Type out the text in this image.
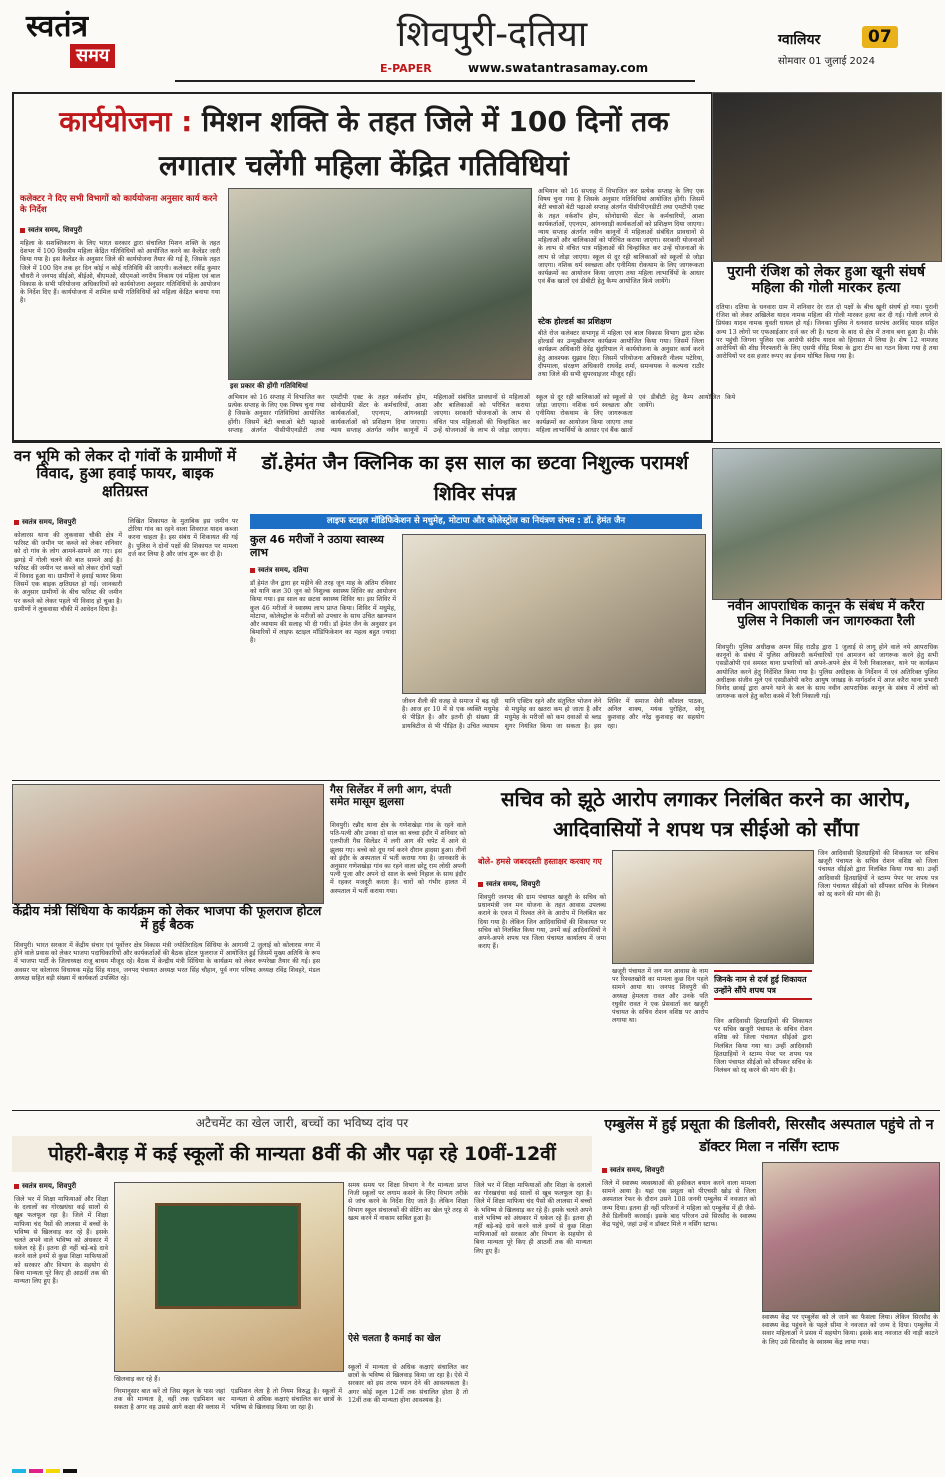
स्वतंत्र
समय
शिवपुरी-दतिया
E-PAPER	www.swatantrasamay.com
ग्वालियर	07
सोमवार 01 जुलाई 2024
कार्ययोजना : मिशन शक्ति के तहत जिले में 100 दिनों तक लगातार चलेंगी महिला केंद्रित गतिविधियां
कलेक्टर ने दिए सभी विभागों को कार्ययोजना अनुसार कार्य करने के निर्देश
स्वतंत्र समय, शिवपुरी
महिला के सशक्तिकरण के लिए भारत सरकार द्वारा संचालित मिशन शक्ति के तहत देशभर में 100 दिवसीय महिला केंद्रित गतिविधियों को आयोजित करने का कैलेंडर जारी किया गया है। इस कैलेंडर के अनुसार जिले की कार्ययोजना तैयार की गई है, जिसके तहत जिले में 100 दिन तक हर दिन कोई न कोई गतिविधि की जाएगी। कलेक्टर रवींद्र कुमार चौधरी ने जनपद सीईओ, बीईओ, बीएमओ, सीएमओ नगरीय निकाय एवं महिला एवं बाल विकास के सभी परियोजना अधिकारियों को कार्ययोजना अनुसार गतिविधियों के आयोजन के निर्देश दिए हैं। कार्ययोजना में शामिल सभी गतिविधियों को महिला केंद्रित बनाया गया है।
इस प्रकार की होंगी गतिविधियां
अभियान को 16 सप्ताह में विभाजित कर प्रत्येक सप्ताह के लिए एक विषय चुना गया है जिसके अनुसार गतिविधियां आयोजित होंगी। जिसमें बेटी बचाओ बेटी पढ़ाओ सप्ताह अंतर्गत पीसीपीएनडीटी तथा एमटीपी एक्ट के तहत वर्कशॉप होम, सोनोग्राफी सेंटर के कर्मचारियों, आशा कार्यकर्ताओं, एएनएम, आंगनवाड़ी कार्यकर्ताओं को प्रशिक्षण दिया जाएगा। न्याय सप्ताह अंतर्गत नवीन कानूनों में महिलाओं संबंधित प्रावधानों से महिलाओं और बालिकाओं को परिचित कराया जाएगा। सरकारी योजनाओं के लाभ से वंचित पात्र महिलाओं की चिन्हांकित कर उन्हें योजनाओं के लाभ से जोड़ा जाएगा। स्कूल से दूर रही बालिकाओं को स्कूलों से जोड़ा जाएगा। नशिक धर्म स्वच्छता और एनीमिया रोकथाम के लिए जागरूकता कार्यक्रमों का आयोजन किया जाएगा तथा महिला लाभार्थियों के आधार एवं बैंक खातों एवं डीबीटी हेतु कैम्प आयोजित किये जायेंगे।
अभियान को 16 सप्ताह में विभाजित कर प्रत्येक सप्ताह के लिए एक विषय चुना गया है जिसके अनुसार गतिविधियां आयोजित होंगी। जिसमें बेटी बचाओ बेटी पढ़ाओ सप्ताह अंतर्गत पीसीपीएनडीटी तथा एमटीपी एक्ट के तहत वर्कशॉप होम, सोनोग्राफी सेंटर के कर्मचारियों, आशा कार्यकर्ताओं, एएनएम, आंगनवाड़ी कार्यकर्ताओं को प्रशिक्षण दिया जाएगा। न्याय सप्ताह अंतर्गत नवीन कानूनों में महिलाओं संबंधित प्रावधानों से महिलाओं और बालिकाओं को परिचित कराया जाएगा। सरकारी योजनाओं के लाभ से वंचित पात्र महिलाओं की चिन्हांकित कर उन्हें योजनाओं के लाभ से जोड़ा जाएगा। स्कूल से दूर रही बालिकाओं को स्कूलों से जोड़ा जाएगा। नशिक धर्म स्वच्छता और एनीमिया रोकथाम के लिए जागरूकता कार्यक्रमों का आयोजन किया जाएगा तथा महिला लाभार्थियों के आधार एवं बैंक खातों एवं डीबीटी हेतु कैम्प आयोजित किये जायेंगे।
स्टेक होल्डर्स का प्रशिक्षण
बीते रोज कलेक्टर सभागृह में महिला एवं बाल विकास विभाग द्वारा स्टेक होल्डर्स का उन्मुखीकरण कार्यक्रम आयोजित किया गया। जिसमें जिला कार्यक्रम अधिकारी देवेंद्र सुंदरियाल ने कार्ययोजना के अनुसार कार्य करने हेतु आवश्यक सुझाव दिए। जिसमें परियोजना अधिकारी नीलम पटेरिया, दीपमाला, संरक्षण अधिकारी राघवेंद्र शर्मा, समन्वयक ने कल्पना राठौर तथा जिले की सभी सुपरवाइजर मौजूद रहीं।
पुरानी रंजिश को लेकर हुआ खूनी संघर्ष महिला की गोली मारकर हत्या
दतिया। दतिया के धनवारा ग्राम में शनिवार देर रात दो पक्षों के बीच खूनी संघर्ष हो गया। पुरानी रंजिश को लेकर अखिलेश यादव नामक महिला की गोली मारकर हत्या कर दी गई। गोली लगने से प्रियंका यादव नामक युवती घायल हो गई। जिनका पुलिस ने धनवारा सरपंच अरविंद यादव सहित अन्य 13 लोगों पर एफआईआर दर्ज कर ली है। घटना के बाद से क्षेत्र में तनाव बना हुआ है। मौके पर पहुंची जिगना पुलिस एक आरोपी संदीप यादव को हिरासत में लिया है। शेष 12 नामजद आरोपियों की शीघ्र गिरफ्तारी के लिए एसपी वीरेंद्र मिश्रा के द्वारा टीम का गठन किया गया है तथा आरोपियों पर दस हजार रूपए का ईनाम घोषित किया गया है।
वन भूमि को लेकर दो गांवों के ग्रामीणों में विवाद, हुआ हवाई फायर, बाइक क्षतिग्रस्त
स्वतंत्र समय, शिवपुरी
कोलारस थाना की लुकवासा चौकी क्षेत्र में फरिस्ट की जमीन पर कब्जे को लेकर शनिवार को दो गांव के लोग आमने-सामने आ गए। इस झगड़े में गोली चलने की बात सामने आई है। फरिस्ट की जमीन पर कब्जे को लेकर दोनों पक्षों में विवाद हुआ था। ग्रामीणों ने हवाई फायर किया जिसमें एक बाइक क्षतिग्रस्त हो गई। जानकारी के अनुसार ग्रामीणों के बीच फरिस्ट की जमीन पर कब्जे को लेकर पहले भी विवाद हो चुका है। ग्रामीणों ने लुकवासा चौकी में आवेदन दिया है।
लिखित शिकायत के मुताबिक इस जमीन पर टोरिया गांव का रहने वाला शिवराज यादव कब्जा करना चाहता है। इस संबंध में शिकायत की गई है। पुलिस ने दोनों पक्षों की शिकायत पर मामला दर्ज कर लिया है और जांच शुरू कर दी है।
डॉ.हेमंत जैन क्लिनिक का इस साल का छटवा निशुल्क परामर्श शिविर संपन्न
लाइफ स्टाइल मॉडिफिकेशन से मधुमेह, मोटापा और कोलेस्ट्रोल का नियंत्रण संभव : डॉ. हेमंत जैन
कुल 46 मरीजों ने उठाया स्वास्थ्य लाभ
स्वतंत्र समय, दतिया
डॉ हेमंत जैन द्वारा हर महीने की तरह जून माह के अंतिम रविवार को यानि कल 30 जून को निशुल्क स्वास्थ्य शिविर का आयोजन किया गया। इस साल का छटवा स्वास्थ्य शिविर था। इस शिविर में कुल 46 मरीजों ने स्वास्थ्य लाभ प्राप्त किया। शिविर में मधुमेह, मोटापा, कोलेस्ट्रोल के मरीजों को उपचार के साथ उचित खानपान और व्यायाम की सलाह भी दी गयी। डॉ हेमंत जैन के अनुसार इन बिमारियों में लाइफ स्टाइल मॉडिफिकेशन का महत्व बहुत ज्यादा है।
जीवन शैली की वजह से समाज में बढ़ रही है। आज हर 10 में से एक व्यक्ति मधुमेह से पीड़ित है। और इतनी ही संख्या प्री डायबिटीज से भी पीड़ित है। उचित व्यायाम यानि एक्टिव रहने और संतुलित भोजन लेने से मधुमेह का खतरा कम हो जाता है और मधुमेह के मरीजों को कम दवाओं से ब्लड शुगर नियंत्रित किया जा सकता है। इस शिविर में समाज सेवी कौशल पाठक, अनिल शाक्य, मयंक पुरोहित, सोनू कुशवाह और नरेंद्र कुशवाह का सहयोग रहा।
नवीन आपराधिक कानून के संबंध में करैरा पुलिस ने निकाली जन जागरुकता रैली
शिवपुरी। पुलिस अधीक्षक अमन सिंह राठौड़ द्वारा 1 जुलाई से लागू होने वाले नये आपराधिक कानूनों के संबंध में पुलिस अधिकारी कर्मचारियों एवं आमजन को जागरूक करने हेतु सभी एसडीओपी एवं समस्त थाना प्रभारियों को अपने-अपने क्षेत्र में रैली निकालकर, थाने पर कार्यक्रम आयोजित करने हेतु निर्देशित किया गया है। पुलिस अधीक्षक के निर्देशन में एवं अतिरिक्त पुलिस अधीक्षक संजीव मुले एवं एसडीओपी करैरा आयुष जाखड़ के मार्गदर्शन में आज करैरा थाना प्रभारी विनोद छावई द्वारा अपने थाने के बल के साथ नवीन आपराधिक कानून के संबंध में लोगों को जागरूक करने हेतु करैरा कस्बे में रैली निकाली गई।
केंद्रीय मंत्री सिंधिया के कार्यक्रम को लेकर भाजपा की फूलराज होटल में हुई बैठक
शिवपुरी। भारत सरकार में केंद्रीय संचार एवं पूर्वोत्तर क्षेत्र विकास मंत्री ज्योतिरादित्य सिंधिया के आगामी 2 जुलाई को कोलारस नगर में होने वाले प्रवास को लेकर भाजपा पदाधिकारियों और कार्यकर्ताओं की बैठक होटल फूलराज में आयोजित हुई जिसमें मुख्य अतिथि के रूप में भाजपा पार्टी के जिलाध्यक्ष राजू बाथम मौजूद रहे। बैठक में केन्द्रीय मंत्री सिंधिया के कार्यक्रम को लेकर रूपरेखा तैयार की गई। इस अवसर पर कोलारस विधायक महेंद्र सिंह यादव, जनपद पंचायत अध्यक्ष भरत सिंह चौहान, पूर्व नगर परिषद अध्यक्ष रविंद्र शिवहरे, मंडल अध्यक्ष सहित बड़ी संख्या में कार्यकर्ता उपस्थित रहे।
गैस सिलेंडर में लगी आग, दंपती समेत मासूम झुलसा
शिवपुरी। रन्नौद थाना क्षेत्र के गणेशखेड़ा गांव के रहने वाले पति-पत्नी और उनका दो साल का बच्चा इंदौर में शनिवार को एलपीजी गैस सिलेंडर में लगी आग की चपेट में आने से झुलस गए। बच्चे को दूध गर्म करने दौरान हादसा हुआ। तीनों को इंदौर के अस्पताल में भर्ती कराया गया है। जानकारी के अनुसार गणेशखेड़ा गांव का रहने वाला छोटू राम लोधी अपनी पत्नी पूजा और अपने दो साल के बच्चे निहाल के साथ इंदौर में रहकर मजदूरी करता है। चारों को गंभीर हालत में अस्पताल में भर्ती कराया गया।
सचिव को झूठे आरोप लगाकर निलंबित करने का आरोप, आदिवासियों ने शपथ पत्र सीईओ को सौंपा
बोले- हमसे जबरदस्ती हस्ताक्षर करवाए गए
स्वतंत्र समय, शिवपुरी
शिवपुरी जनपद की ग्राम पंचायत खजूरी के सचिव को प्रधानमंत्री जन मन योजना के तहत आवास उपलब्ध कराने के एवज में रिश्वत लेने के आरोप में निलंबित कर दिया गया है। लेकिन जिन आदिवासियों की शिकायत पर सचिव को निलंबित किया गया, उनमें कई आदिवासियों ने अपने-अपने शपथ पत्र जिला पंचायत कार्यालय में जमा कराए हैं।
खजूरी पंचायत में जन मन आवास के नाम पर रिश्वतखोरी का मामला कुछ दिन पहले सामने आया था। जनपद शिवपुरी की अध्यक्ष हेमलता रावत और उनके पति रघुवीर रावत ने एक प्रेसवार्ता कर खजूरी पंचायत के सचिव रोशन वशिष्ठ पर आरोप लगाया था।
जिनके नाम से दर्ज हुई शिकायत उन्होंने सौंपे शपथ पत्र
जिन आदिवासी हितग्राहियों की शिकायत पर सचिव खजूरी पंचायत के सचिव रोशन वशिष्ठ को जिला पंचायत सीईओ द्वारा निलंबित किया गया था। उन्हीं आदिवासी हितग्राहियों ने स्टाम्प पेपर पर शपथ पत्र जिला पंचायत सीईओ को सौंपकर सचिव के निलंबन को रद्द करने की मांग की है।
जिन आदिवासी हितग्राहियों की शिकायत पर सचिव खजूरी पंचायत के सचिव रोशन वशिष्ठ को जिला पंचायत सीईओ द्वारा निलंबित किया गया था। उन्हीं आदिवासी हितग्राहियों ने स्टाम्प पेपर पर शपथ पत्र जिला पंचायत सीईओ को सौंपकर सचिव के निलंबन को रद्द करने की मांग की है।
अटैचमेंट का खेल जारी, बच्चों का भविष्य दांव पर
पोहरी-बैराड़ में कई स्कूलों की मान्यता 8वीं की और पढ़ा रहे 10वीं-12वीं
स्वतंत्र समय, शिवपुरी
जिले भर में शिक्षा माफियाओं और शिक्षा के दलालों का गोरखधंधा कई सालों से खूब फलफूल रहा है। जिले में शिक्षा माफिया चंद पैसों की लालसा में बच्चों के भविष्य से खिलवाड़ कर रहे हैं। इसके चलते अपने वाले भविष्य को अंधकार में धकेल रहे हैं। इतना ही नहीं बड़े-बड़े दावे करने वाले इनमें से कुछ शिक्षा माफियाओं को सरकार और विभाग के सहयोग से बिना मान्यता पूरे किए ही आठवीं तक की मान्यता लिए हुए हैं।
खिलवाड़ कर रहे हैं।
निरमानुसार बात करें तो जिस स्कूल के पास जहां तक की मान्यता है, वहीं तक एडमिशन कर सकता है अगर वह उससे आगे कक्षा की क्लास में एडमिशन लेता है तो नियम विरुद्ध है। स्कूलों में मान्यता से अधिक कक्षाएं संचालित कर छात्रों के भविष्य से खिलवाड़ किया जा रहा है।
समय समय पर शिक्षा विभाग ने गैर मान्यता प्राप्त निजी स्कूलों पर लगाम कसने के लिए विभाग तरीके से जांच करने के निर्देश दिए जाते हैं। लेकिन शिक्षा विभाग स्कूल संचालकों की सेटिंग का खेल पूरे तरह से खत्म करने में नाकाम साबित हुआ है।
ऐसे चलता है कमाई का खेल
स्कूलों में मान्यता से अधिक कक्षाएं संचालित कर छात्रों के भविष्य से खिलवाड़ किया जा रहा है। ऐसे में सरकार को इस तरफ ध्यान देने की आवश्यकता है। अगर कोई स्कूल 12वीं तक संचालित होता है तो 12वीं तक की मान्यता होना आवश्यक है।
जिले भर में शिक्षा माफियाओं और शिक्षा के दलालों का गोरखधंधा कई सालों से खूब फलफूल रहा है। जिले में शिक्षा माफिया चंद पैसों की लालसा में बच्चों के भविष्य से खिलवाड़ कर रहे हैं। इसके चलते अपने वाले भविष्य को अंधकार में धकेल रहे हैं। इतना ही नहीं बड़े-बड़े दावे करने वाले इनमें से कुछ शिक्षा माफियाओं को सरकार और विभाग के सहयोग से बिना मान्यता पूरे किए ही आठवीं तक की मान्यता लिए हुए हैं।
एम्बुलेंस में हुई प्रसूता की डिलीवरी, सिरसौद अस्पताल पहुंचे तो न डॉक्टर मिला न नर्सिंग स्टाफ
स्वतंत्र समय, शिवपुरी
जिले में स्वास्थ्य व्यवस्थाओं की हकीकत बयान करने वाला मामला सामने आया है। यहां एक प्रसूता को पीएचसी खोड़ से जिला अस्पताल रेफर के दौरान उसने 108 जननी एम्बुलेंस में नवजात को जन्म दिया। इतना ही नहीं परिजनों ने महिला को एम्बुलेंस में ही जैसे-तैसे डिलीवरी करवाई। इसके बाद परिजन उसे सिरसौद के स्वास्थ्य केंद्र पहुंचे, जहां उन्हें न डॉक्टर मिले न नर्सिंग स्टाफ।
स्वास्थ्य केंद्र पर एम्बुलेंस को ले जाने का फैसला लिया। लेकिन सिरसौद के स्वास्थ्य केंद्र पहुंचने के पहले सीमा ने नवजात को जन्म दे दिया। एम्बुलेंस में सवार महिलाओं ने प्रसव में सहयोग किया। इसके बाद नवजात की नाड़ी काटने के लिए उसे सिरसौद के स्वास्थ्य केंद्र लाया गया।
